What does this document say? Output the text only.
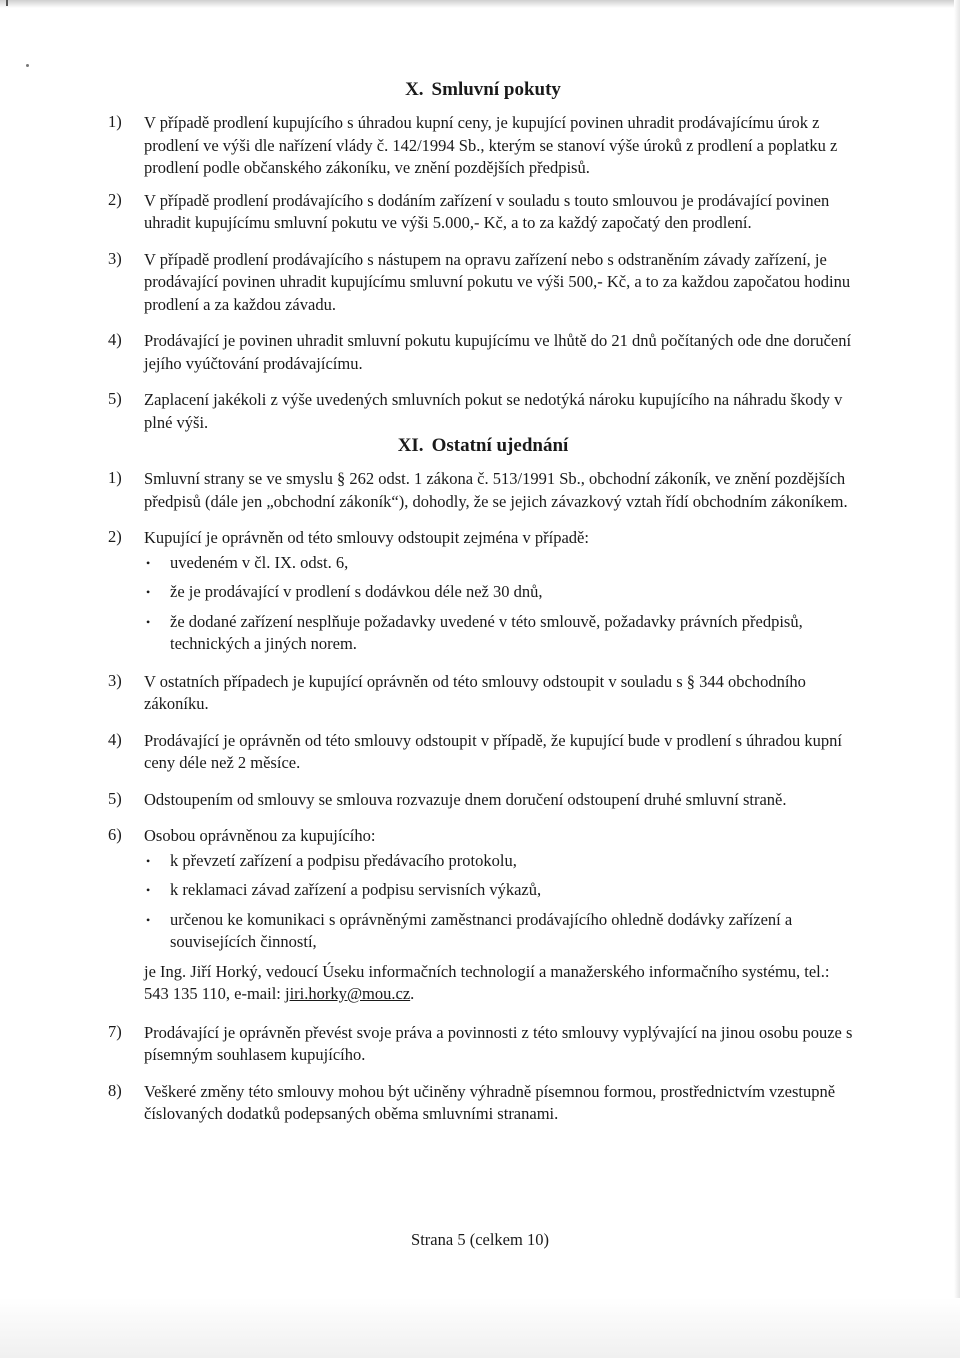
X. Smluvní pokuty
1)	V případě prodlení kupujícího s úhradou kupní ceny, je kupující povinen uhradit prodávajícímu úrok z prodlení ve výši dle nařízení vlády č. 142/1994 Sb., kterým se stanoví výše úroků z prodlení a poplatku z prodlení podle občanského zákoníku, ve znění pozdějších předpisů.
2)	V případě prodlení prodávajícího s dodáním zařízení v souladu s touto smlouvou je prodávající povinen uhradit kupujícímu smluvní pokutu ve výši 5.000,- Kč, a to za každý započatý den prodlení.
3)	V případě prodlení prodávajícího s nástupem na opravu zařízení nebo s odstraněním závady zařízení, je prodávající povinen uhradit kupujícímu smluvní pokutu ve výši 500,- Kč, a to za každou započatou hodinu prodlení a za každou závadu.
4)	Prodávající je povinen uhradit smluvní pokutu kupujícímu ve lhůtě do 21 dnů počítaných ode dne doručení jejího vyúčtování prodávajícímu.
5)	Zaplacení jakékoli z výše uvedených smluvních pokut se nedotýká nároku kupujícího na náhradu škody v plné výši.
XI. Ostatní ujednání
1)	Smluvní strany se ve smyslu § 262 odst. 1 zákona č. 513/1991 Sb., obchodní zákoník, ve znění pozdějších předpisů (dále jen „obchodní zákoník“), dohodly, že se jejich závazkový vztah řídí obchodním zákoníkem.
2)	Kupující je oprávněn od této smlouvy odstoupit zejména v případě:
• uvedeném v čl. IX. odst. 6,
• že je prodávající v prodlení s dodávkou déle než 30 dnů,
• že dodané zařízení nesplňuje požadavky uvedené v této smlouvě, požadavky právních předpisů, technických a jiných norem.
3)	V ostatních případech je kupující oprávněn od této smlouvy odstoupit v souladu s § 344 obchodního zákoníku.
4)	Prodávající je oprávněn od této smlouvy odstoupit v případě, že kupující bude v prodlení s úhradou kupní ceny déle než 2 měsíce.
5)	Odstoupením od smlouvy se smlouva rozvazuje dnem doručení odstoupení druhé smluvní straně.
6)	Osobou oprávněnou za kupujícího:
• k převzetí zařízení a podpisu předávacího protokolu,
• k reklamaci závad zařízení a podpisu servisních výkazů,
• určenou ke komunikaci s oprávněnými zaměstnanci prodávajícího ohledně dodávky zařízení a souvisejících činností,
je Ing. Jiří Horký, vedoucí Úseku informačních technologií a manažerského informačního systému, tel.: 543 135 110, e-mail: jiri.horky@mou.cz.
7)	Prodávající je oprávněn převést svoje práva a povinnosti z této smlouvy vyplývající na jinou osobu pouze s písemným souhlasem kupujícího.
8)	Veškeré změny této smlouvy mohou být učiněny výhradně písemnou formou, prostřednictvím vzestupně číslovaných dodatků podepsaných oběma smluvními stranami.
Strana 5 (celkem 10)
